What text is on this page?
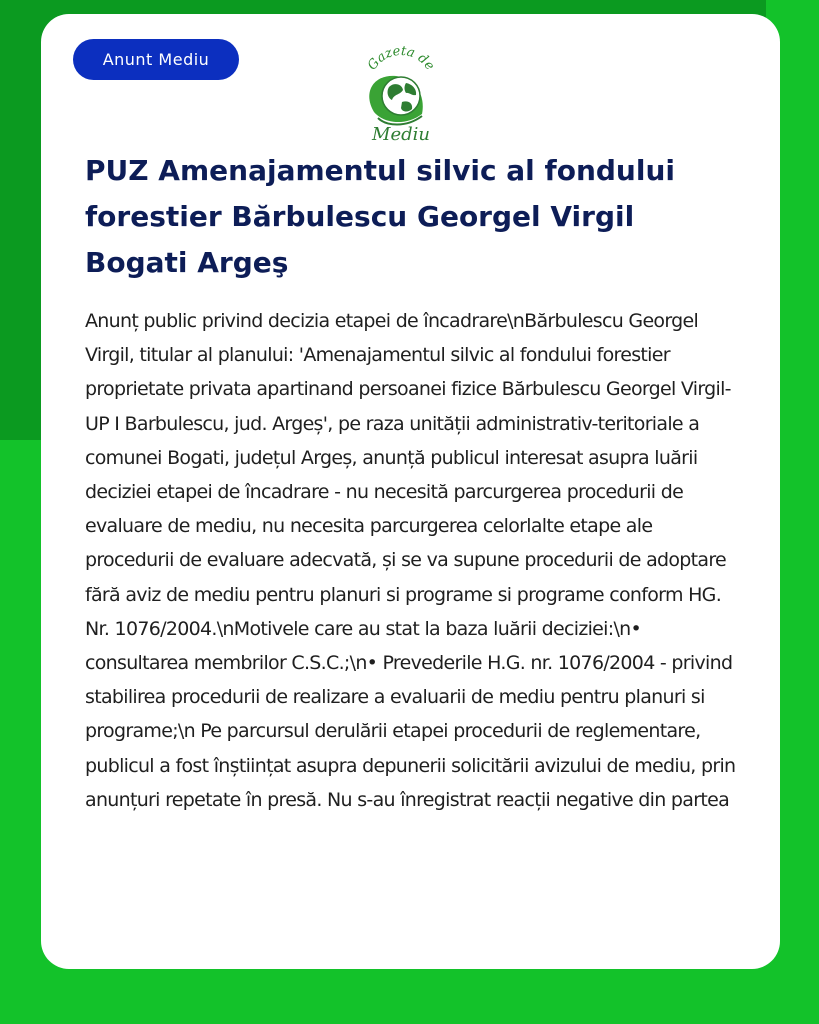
Anunt Mediu	Gazeta de
Mediu
PUZ Amenajamentul silvic al fondului forestier Bărbulescu Georgel Virgil Bogati Argeş

Anunț public privind decizia etapei de încadrare\nBărbulescu Georgel Virgil, titular al planului: 'Amenajamentul silvic al fondului forestier proprietate privata apartinand persoanei fizice Bărbulescu Georgel Virgil-UP I Barbulescu, jud. Argeș', pe raza unității administrativ-teritoriale a comunei Bogati, județul Argeș, anunță publicul interesat asupra luării deciziei etapei de încadrare - nu necesită parcurgerea procedurii de evaluare de mediu, nu necesita parcurgerea celorlalte etape ale procedurii de evaluare adecvată, și se va supune procedurii de adoptare fără aviz de mediu pentru planuri si programe si programe conform HG. Nr. 1076/2004.\nMotivele care au stat la baza luării deciziei:\n• consultarea membrilor C.S.C.;\n• Prevederile H.G. nr. 1076/2004 - privind stabilirea procedurii de realizare a evaluarii de mediu pentru planuri si programe;\n Pe parcursul derulării etapei procedurii de reglementare, publicul a fost înștiințat asupra depunerii solicitării avizului de mediu, prin anunțuri repetate în presă. Nu s-au înregistrat reacții negative din partea
